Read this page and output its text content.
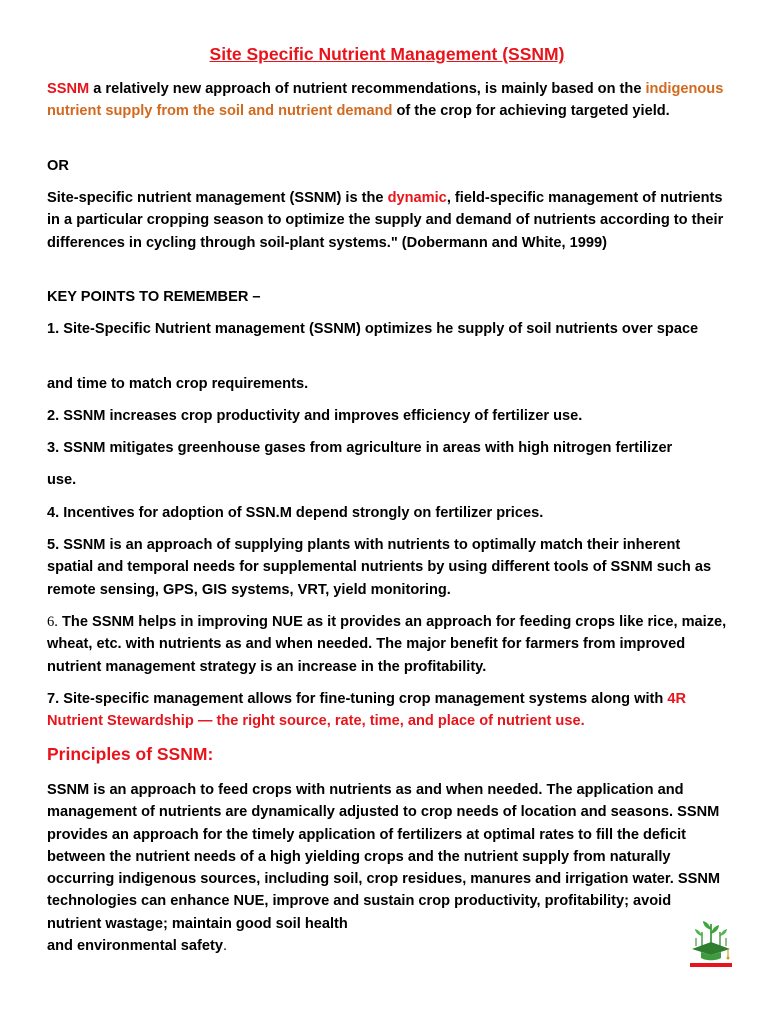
Site Specific Nutrient Management (SSNM)
SSNM a relatively new approach of nutrient recommendations, is mainly based on the indigenous nutrient supply from the soil and nutrient demand of the crop for achieving targeted yield.
OR
Site-specific nutrient management (SSNM) is the dynamic, field-specific management of nutrients in a particular cropping season to optimize the supply and demand of nutrients according to their differences in cycling through soil-plant systems." (Dobermann and White, 1999)
KEY POINTS TO REMEMBER –
1. Site-Specific Nutrient management (SSNM) optimizes he supply of soil nutrients over space
and time to match crop requirements.
2. SSNM increases crop productivity and improves efficiency of fertilizer use.
3. SSNM mitigates greenhouse gases from agriculture in areas with high nitrogen fertilizer
use.
4. Incentives for adoption of SSN.M depend strongly on fertilizer prices.
5. SSNM is an approach of supplying plants with nutrients to optimally match their inherent spatial and temporal needs for supplemental nutrients by using different tools of SSNM such as remote sensing, GPS, GIS systems, VRT, yield monitoring.
6. The SSNM helps in improving NUE as it provides an approach for feeding crops like rice, maize, wheat, etc. with nutrients as and when needed. The major benefit for farmers from improved nutrient management strategy is an increase in the profitability.
7. Site-specific management allows for fine-tuning crop management systems along with 4R Nutrient Stewardship — the right source, rate, time, and place of nutrient use.
Principles of SSNM:
SSNM is an approach to feed crops with nutrients as and when needed. The application and management of nutrients are dynamically adjusted to crop needs of location and seasons. SSNM provides an approach for the timely application of fertilizers at optimal rates to fill the deficit between the nutrient needs of a high yielding crops and the nutrient supply from naturally occurring indigenous sources, including soil, crop residues, manures and irrigation water. SSNM technologies can enhance NUE, improve and sustain crop productivity, profitability; avoid nutrient wastage; maintain good soil health
and environmental safety.
